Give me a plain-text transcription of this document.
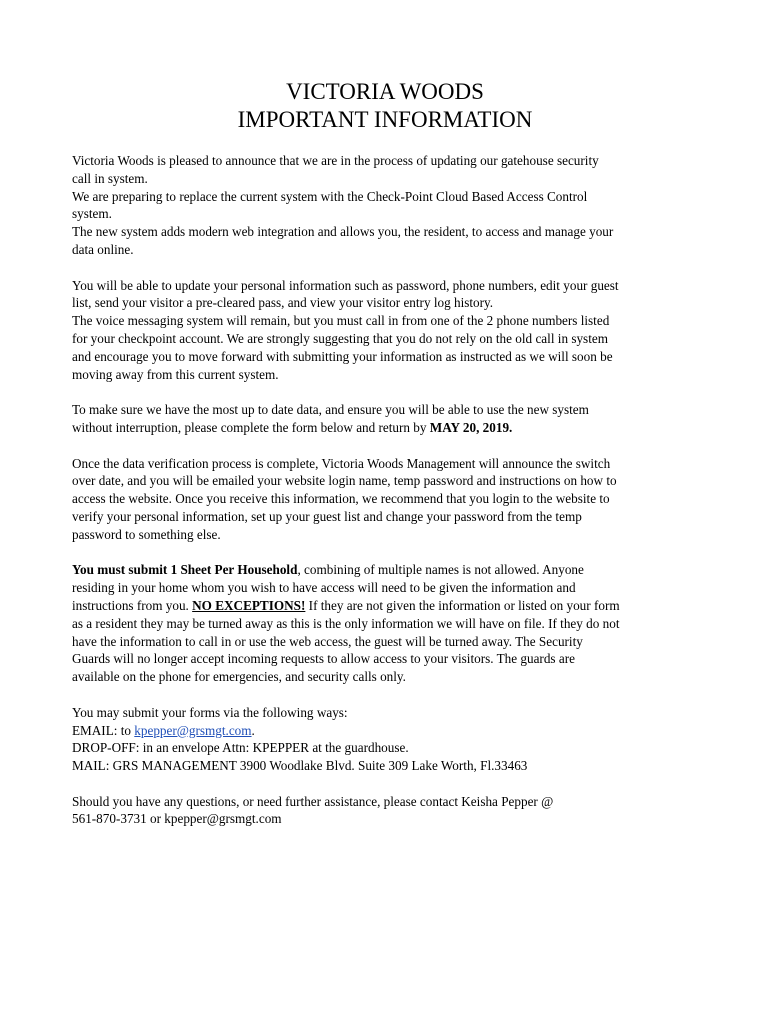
VICTORIA WOODS
IMPORTANT INFORMATION
Victoria Woods is pleased to announce that we are in the process of updating our gatehouse security
call in system.
We are preparing to replace the current system with the Check-Point Cloud Based Access Control
system.
The new system adds modern web integration and allows you, the resident, to access and manage your
data online.
You will be able to update your personal information such as password, phone numbers, edit your guest
list, send your visitor a pre-cleared pass, and view your visitor entry log history.
The voice messaging system will remain, but you must call in from one of the 2 phone numbers listed
for your checkpoint account. We are strongly suggesting that you do not rely on the old call in system
and encourage you to move forward with submitting your information as instructed as we will soon be
moving away from this current system.
To make sure we have the most up to date data, and ensure you will be able to use the new system
without interruption, please complete the form below and return by MAY 20, 2019.
Once the data verification process is complete, Victoria Woods Management will announce the switch
over date, and you will be emailed your website login name, temp password and instructions on how to
access the website. Once you receive this information, we recommend that you login to the website to
verify your personal information, set up your guest list and change your password from the temp
password to something else.
You must submit 1 Sheet Per Household, combining of multiple names is not allowed. Anyone
residing in your home whom you wish to have access will need to be given the information and
instructions from you. NO EXCEPTIONS! If they are not given the information or listed on your form
as a resident they may be turned away as this is the only information we will have on file. If they do not
have the information to call in or use the web access, the guest will be turned away. The Security
Guards will no longer accept incoming requests to allow access to your visitors. The guards are
available on the phone for emergencies, and security calls only.
You may submit your forms via the following ways:
EMAIL: to kpepper@grsmgt.com.
DROP-OFF: in an envelope Attn: KPEPPER at the guardhouse.
MAIL: GRS MANAGEMENT 3900 Woodlake Blvd. Suite 309 Lake Worth, Fl.33463
Should you have any questions, or need further assistance, please contact Keisha Pepper @
561-870-3731 or kpepper@grsmgt.com
